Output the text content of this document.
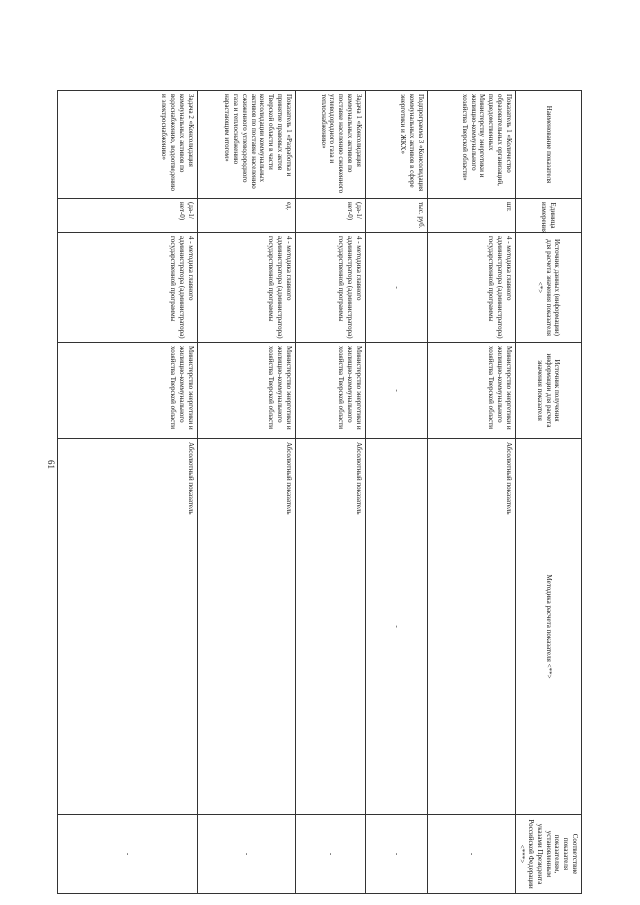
61
Наименование показателя	Единица измерения	Источник данных (информации) для расчета значения показателя <*>	Источник получения информации для расчета значения показателя	Методика расчета показателя <**>	Соответствие показателя показателям, установленным указами Президента Российской Федерации <***>
Показатель 1 «Количество образовательных организаций, подведомственных Министерству энергетики и жилищно-коммунального хозяйства Тверской области»	шт.	4 - методика главного администратора (администратора) государственной программы	Министерство энергетики и жилищно-коммунального хозяйства Тверской области	Абсолютный показатель	-
Подпрограмма 3 «Консолидация коммунальных активов в сфере энергетики и ЖКХ»	тыс. руб.	-	-	-	-
Задача 1 «Консолидация коммунальных активов по поставке населению сжиженного углеводородного газа и теплоснабжению»	(да-1/ нет-0)	4 - методика главного администратора (администратора) государственной программы	Министерство энергетики и жилищно-коммунального хозяйства Тверской области	Абсолютный показатель	-
Показатель 1 «Разработка и принятие правовых актов Тверской области в части консолидации коммунальных активов по поставке населению сжиженного углеводородного газа и теплоснабжению нарастающим итогом»	ед.	4 - методика главного администратора (администратора) государственной программы	Министерство энергетики и жилищно-коммунального хозяйства Тверской области	Абсолютный показатель	-
Задача 2 «Консолидация коммунальных активов по водоснабжению, водоотведению и электроснабжению»	(да-1/ нет-0)	4 - методика главного администратора (администратора) государственной программы	Министерство энергетики и жилищно-коммунального хозяйства Тверской области	Абсолютный показатель	-
